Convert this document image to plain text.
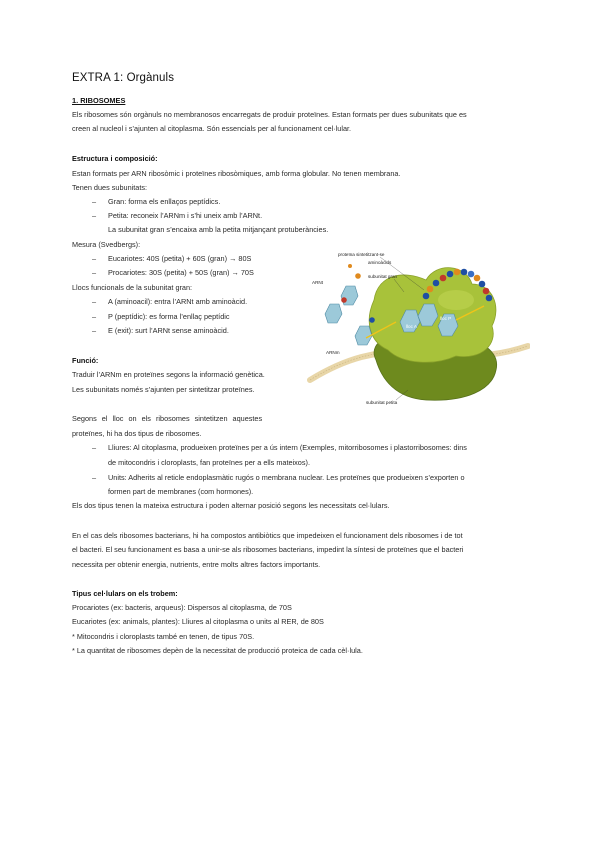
EXTRA 1: Orgànuls
1. RIBOSOMES
Els ribosomes són orgànuls no membranosos encarregats de produir proteïnes. Estan formats per dues subunitats que es
creen al nucleol i s’ajunten al citoplasma. Són essencials per al funcionament cel·lular.
Estructura i composició:
Estan formats per ARN ribosòmic i proteïnes ribosòmiques, amb forma globular. No tenen membrana.
Tenen dues subunitats:
– Gran: forma els enllaços peptídics.
– Petita: reconeix l’ARNm i s’hi uneix amb l’ARNt.
La subunitat gran s’encaixa amb la petita mitjançant protuberàncies.
Mesura (Svedbergs):
– Eucariotes: 40S (petita) + 60S (gran) → 80S
– Procariotes: 30S (petita) + 50S (gran) → 70S
Llocs funcionals de la subunitat gran:
– A (aminoacil): entra l’ARNt amb aminoàcid.
– P (peptídic): es forma l’enllaç peptídic
– E (exit): surt l’ARNt sense aminoàcid.
Funció:
Traduir l’ARNm en proteïnes segons la informació genètica.
Les subunitats només s’ajunten per sintetitzar proteïnes.
Segons el lloc on els ribosomes sintetitzen aquestes
proteïnes, hi ha dos tipus de ribosomes.
– Lliures: Al citoplasma, produeixen proteïnes per a ús intern (Exemples, mitorribosomes i plastorribosomes: dins
de mitocondris i cloroplasts, fan proteïnes per a ells mateixos).
– Units: Adherits al reticle endoplasmàtic rugós o membrana nuclear. Les proteïnes que produeixen s’exporten o
formen part de membranes (com hormones).
Els dos tipus tenen la mateixa estructura i poden alternar posició segons les necessitats cel·lulars.
En el cas dels ribosomes bacterians, hi ha compostos antibiòtics que impedeixen el funcionament dels ribosomes i de tot
el bacteri. El seu funcionament es basa a unir-se als ribosomes bacterians, impedint la síntesi de proteïnes que el bacteri
necessita per obtenir energia, nutrients, entre molts altres factors importants.
Tipus cel·lulars on els trobem:
Procariotes (ex: bacteris, arqueus): Dispersos al citoplasma, de 70S
Eucariotes (ex: animals, plantes): Lliures al citoplasma o units al RER, de 80S
* Mitocondris i cloroplasts també en tenen, de tipus 70S.
* La quantitat de ribosomes depèn de la necessitat de producció proteica de cada cèl·lula.
proteïna sintetitzant-se
aminoàcids
subunitat gran
ARNt
lloc A
lloc P
ARNm
subunitat petita
